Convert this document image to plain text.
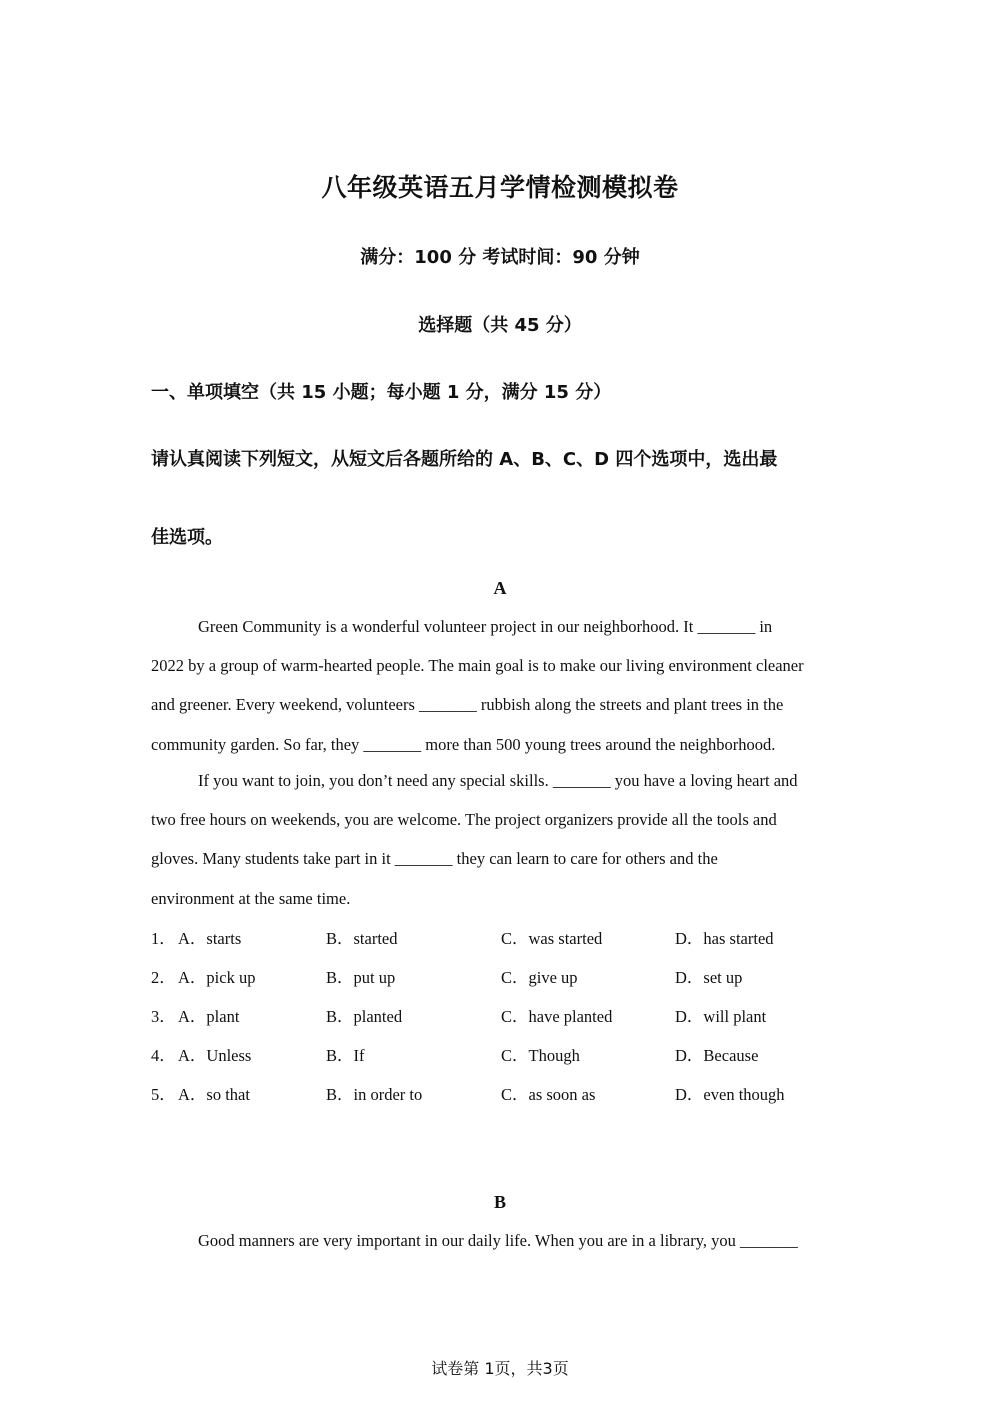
八年级英语五月学情检测模拟卷
满分：100 分 考试时间：90 分钟
选择题（共 45 分）
一、单项填空（共 15 小题；每小题 1 分，满分 15 分）
请认真阅读下列短文，从短文后各题所给的 A、B、C、D 四个选项中，选出最
佳选项。
A
Green Community is a wonderful volunteer project in our neighborhood. It _______ in
2022 by a group of warm-hearted people. The main goal is to make our living environment cleaner
and greener. Every weekend, volunteers _______ rubbish along the streets and plant trees in the
community garden. So far, they _______ more than 500 young trees around the neighborhood.
If you want to join, you don’t need any special skills. _______ you have a loving heart and
two free hours on weekends, you are welcome. The project organizers provide all the tools and
gloves. Many students take part in it _______ they can learn to care for others and the
environment at the same time.
1． A．starts	B．started	C．was started	D．has started
2． A．pick up	B．put up	C．give up	D．set up
3． A．plant	B．planted	C．have planted	D．will plant
4． A．Unless	B．If	C．Though	D．Because
5． A．so that	B．in order to	C．as soon as	D．even though
B
Good manners are very important in our daily life. When you are in a library, you _______
试卷第 1页，共3页
